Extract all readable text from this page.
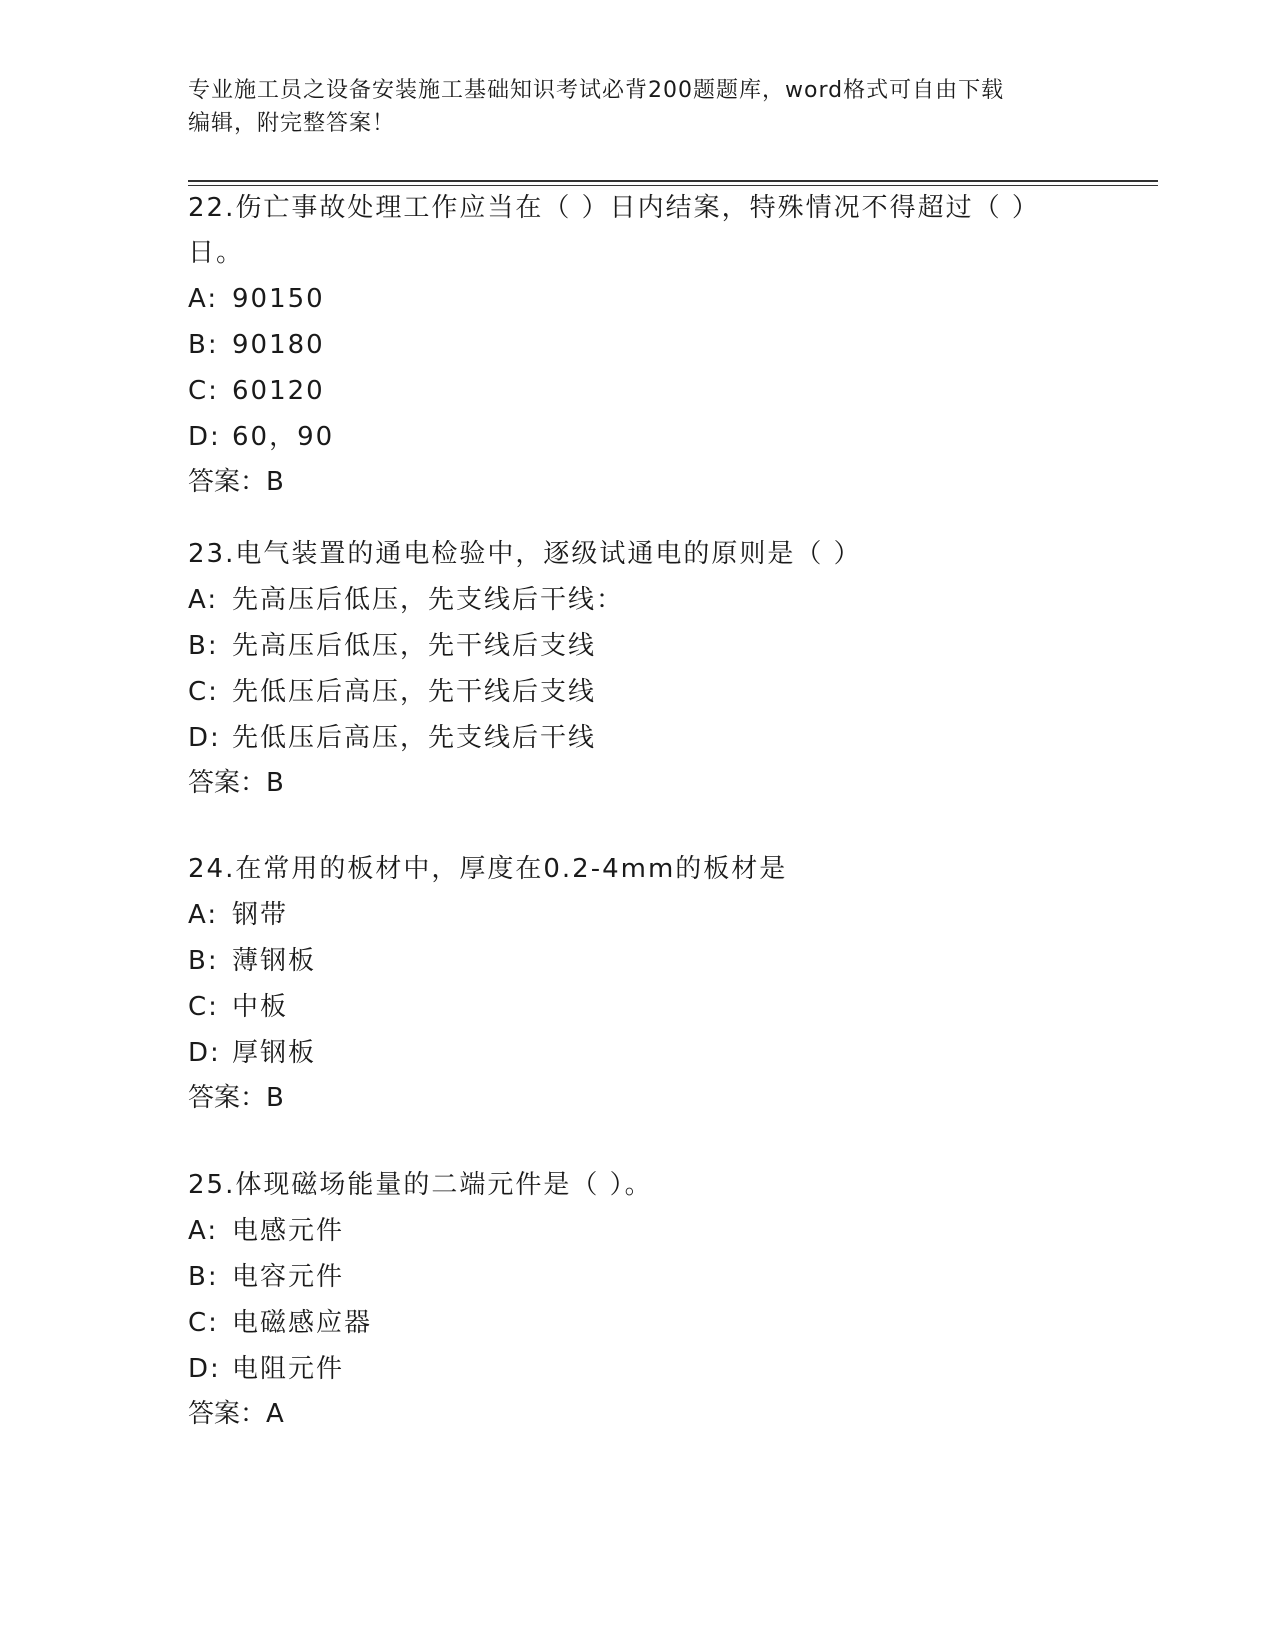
专业施工员之设备安装施工基础知识考试必背200题题库，word格式可自由下载
编辑，附完整答案！
22.伤亡事故处理工作应当在（ ）日内结案，特殊情况不得超过（ ）
日。
A: 90150
B: 90180
C: 60120
D: 60，90
答案：B
23.电气装置的通电检验中，逐级试通电的原则是（ ）
A: 先高压后低压，先支线后干线：
B: 先高压后低压，先干线后支线
C: 先低压后高压，先干线后支线
D: 先低压后高压，先支线后干线
答案：B
24.在常用的板材中，厚度在0.2-4mm的板材是
A: 钢带
B: 薄钢板
C: 中板
D: 厚钢板
答案：B
25.体现磁场能量的二端元件是（ ）。
A: 电感元件
B: 电容元件
C: 电磁感应器
D: 电阻元件
答案：A
